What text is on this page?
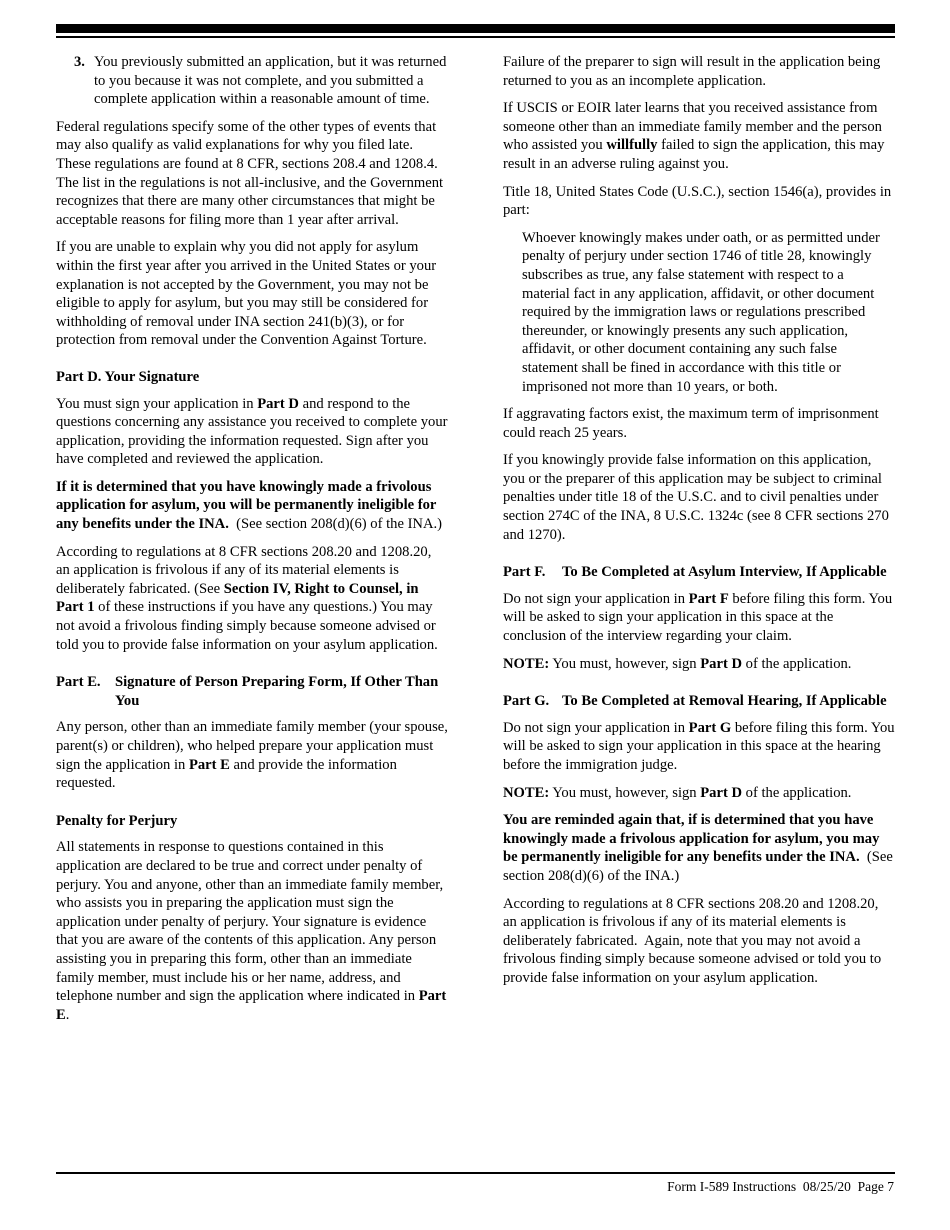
3. You previously submitted an application, but it was returned to you because it was not complete, and you submitted a complete application within a reasonable amount of time.

Federal regulations specify some of the other types of events that may also qualify as valid explanations for why you filed late. These regulations are found at 8 CFR, sections 208.4 and 1208.4. The list in the regulations is not all-inclusive, and the Government recognizes that there are many other circumstances that might be acceptable reasons for filing more than 1 year after arrival.

If you are unable to explain why you did not apply for asylum within the first year after you arrived in the United States or your explanation is not accepted by the Government, you may not be eligible to apply for asylum, but you may still be considered for withholding of removal under INA section 241(b)(3), or for protection from removal under the Convention Against Torture.

Part D. Your Signature

You must sign your application in Part D and respond to the questions concerning any assistance you received to complete your application, providing the information requested. Sign after you have completed and reviewed the application.

If it is determined that you have knowingly made a frivolous application for asylum, you will be permanently ineligible for any benefits under the INA.  (See section 208(d)(6) of the INA.)

According to regulations at 8 CFR sections 208.20 and 1208.20, an application is frivolous if any of its material elements is deliberately fabricated. (See Section IV, Right to Counsel, in Part 1 of these instructions if you have any questions.) You may not avoid a frivolous finding simply because someone advised or told you to provide false information on your asylum application.

Part E. Signature of Person Preparing Form, If Other Than You

Any person, other than an immediate family member (your spouse, parent(s) or children), who helped prepare your application must sign the application in Part E and provide the information requested.

Penalty for Perjury

All statements in response to questions contained in this application are declared to be true and correct under penalty of perjury. You and anyone, other than an immediate family member, who assists you in preparing the application must sign the application under penalty of perjury. Your signature is evidence that you are aware of the contents of this application. Any person assisting you in preparing this form, other than an immediate family member, must include his or her name, address, and telephone number and sign the application where indicated in Part E.

Failure of the preparer to sign will result in the application being returned to you as an incomplete application.

If USCIS or EOIR later learns that you received assistance from someone other than an immediate family member and the person who assisted you willfully failed to sign the application, this may result in an adverse ruling against you.

Title 18, United States Code (U.S.C.), section 1546(a), provides in part:

Whoever knowingly makes under oath, or as permitted under penalty of perjury under section 1746 of title 28, knowingly subscribes as true, any false statement with respect to a material fact in any application, affidavit, or other document required by the immigration laws or regulations prescribed thereunder, or knowingly presents any such application, affidavit, or other document containing any such false statement shall be fined in accordance with this title or imprisoned not more than 10 years, or both.

If aggravating factors exist, the maximum term of imprisonment could reach 25 years.

If you knowingly provide false information on this application, you or the preparer of this application may be subject to criminal penalties under title 18 of the U.S.C. and to civil penalties under section 274C of the INA, 8 U.S.C. 1324c (see 8 CFR sections 270 and 1270).

Part F.	To Be Completed at Asylum Interview, If Applicable

Do not sign your application in Part F before filing this form. You will be asked to sign your application in this space at the conclusion of the interview regarding your claim.

NOTE: You must, however, sign Part D of the application.

Part G. To Be Completed at Removal Hearing, If Applicable

Do not sign your application in Part G before filing this form. You will be asked to sign your application in this space at the hearing before the immigration judge.

NOTE: You must, however, sign Part D of the application.

You are reminded again that, if is determined that you have knowingly made a frivolous application for asylum, you may be permanently ineligible for any benefits under the INA.  (See section 208(d)(6) of the INA.)

According to regulations at 8 CFR sections 208.20 and 1208.20, an application is frivolous if any of its material elements is deliberately fabricated.  Again, note that you may not avoid a frivolous finding simply because someone advised or told you to provide false information on your asylum application.

Form I-589 Instructions  08/25/20  Page 7
